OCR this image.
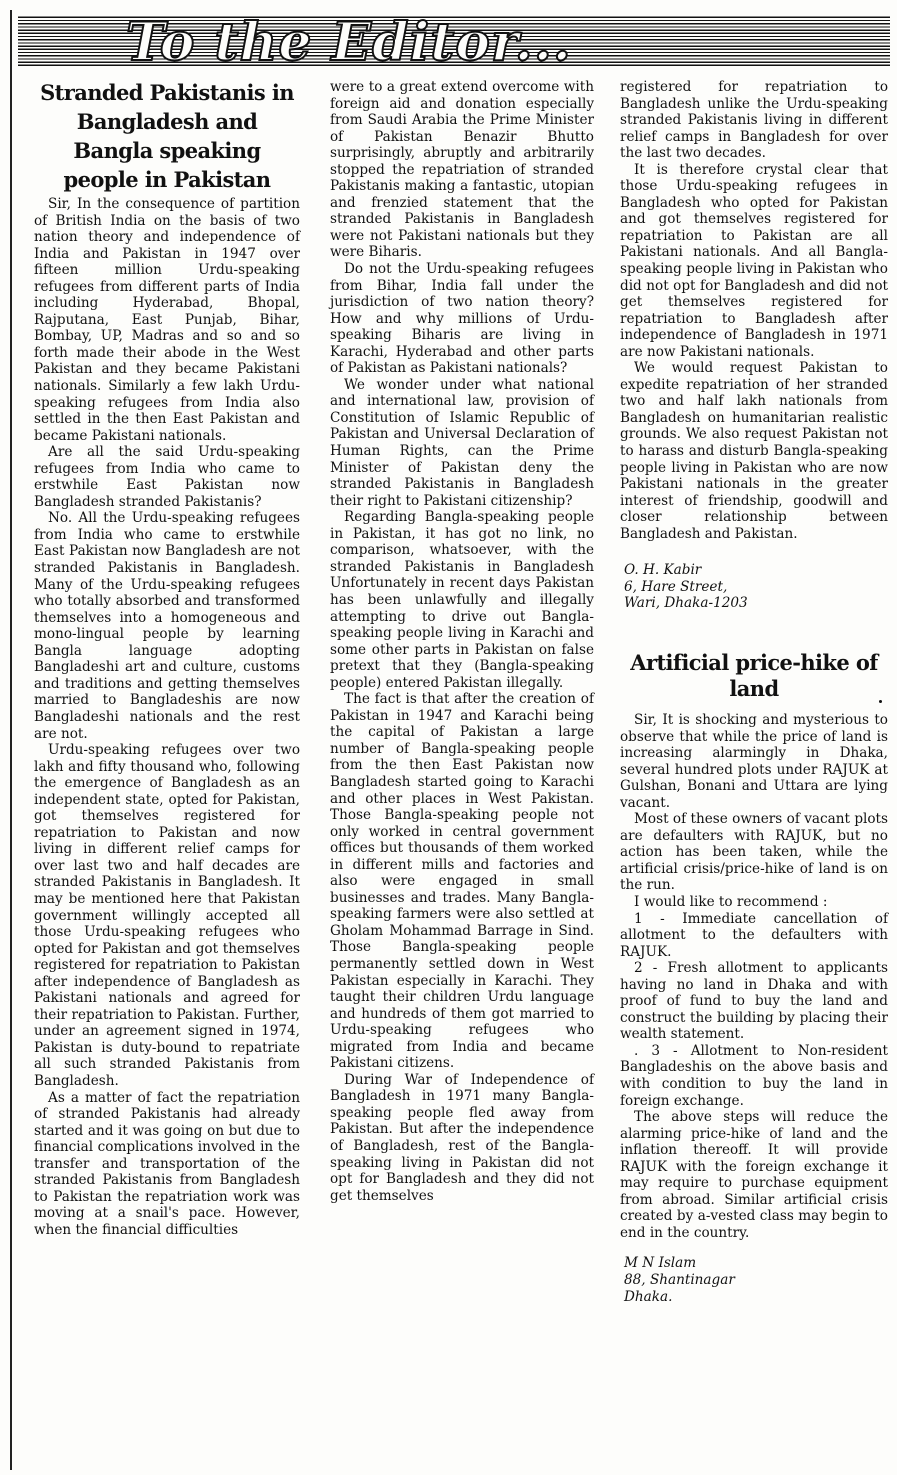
To the Editor...
Stranded Pakistanis in Bangladesh and Bangla speaking people in Pakistan

Sir, In the consequence of partition of British India on the basis of two nation theory and independence of India and Pakistan in 1947 over fifteen million Urdu-speaking refugees from different parts of India including Hyderabad, Bhopal, Rajputana, East Punjab, Bihar, Bombay, UP, Madras and so and so forth made their abode in the West Pakistan and they became Pakistani nationals. Similarly a few lakh Urdu-speaking refugees from India also settled in the then East Pakistan and became Pakistani nationals.

Are all the said Urdu-speaking refugees from India who came to erstwhile East Pakistan now Bangladesh stranded Pakistanis?

No. All the Urdu-speaking refugees from India who came to erstwhile East Pakistan now Bangladesh are not stranded Pakistanis in Bangladesh. Many of the Urdu-speaking refugees who totally absorbed and transformed themselves into a homogeneous and mono-lingual people by learning Bangla language adopting Bangladeshi art and culture, customs and traditions and getting themselves married to Bangladeshis are now Bangladeshi nationals and the rest are not.

Urdu-speaking refugees over two lakh and fifty thousand who, following the emergence of Bangladesh as an independent state, opted for Pakistan, got themselves registered for repatriation to Pakistan and now living in different relief camps for over last two and half decades are stranded Pakistanis in Bangladesh. It may be mentioned here that Pakistan government willingly accepted all those Urdu-speaking refugees who opted for Pakistan and got themselves registered for repatriation to Pakistan after independence of Bangladesh as Pakistani nationals and agreed for their repatriation to Pakistan. Further, under an agreement signed in 1974, Pakistan is duty-bound to repatriate all such stranded Pakistanis from Bangladesh.

As a matter of fact the repatriation of stranded Pakistanis had already started and it was going on but due to financial complications involved in the transfer and transportation of the stranded Pakistanis from Bangladesh to Pakistan the repatriation work was moving at a snail's pace. However, when the financial difficulties

were to a great extend overcome with foreign aid and donation especially from Saudi Arabia the Prime Minister of Pakistan Benazir Bhutto surprisingly, abruptly and arbitrarily stopped the repatriation of stranded Pakistanis making a fantastic, utopian and frenzied statement that the stranded Pakistanis in Bangladesh were not Pakistani nationals but they were Biharis.

Do not the Urdu-speaking refugees from Bihar, India fall under the jurisdiction of two nation theory? How and why millions of Urdu-speaking Biharis are living in Karachi, Hyderabad and other parts of Pakistan as Pakistani nationals?

We wonder under what national and international law, provision of Constitution of Islamic Republic of Pakistan and Universal Declaration of Human Rights, can the Prime Minister of Pakistan deny the stranded Pakistanis in Bangladesh their right to Pakistani citizenship?

Regarding Bangla-speaking people in Pakistan, it has got no link, no comparison, whatsoever, with the stranded Pakistanis in Bangladesh Unfortunately in recent days Pakistan has been unlawfully and illegally attempting to drive out Bangla-speaking people living in Karachi and some other parts in Pakistan on false pretext that they (Bangla-speaking people) entered Pakistan illegally.

The fact is that after the creation of Pakistan in 1947 and Karachi being the capital of Pakistan a large number of Bangla-speaking people from the then East Pakistan now Bangladesh started going to Karachi and other places in West Pakistan. Those Bangla-speaking people not only worked in central government offices but thousands of them worked in different mills and factories and also were engaged in small businesses and trades. Many Bangla-speaking farmers were also settled at Gholam Mohammad Barrage in Sind. Those Bangla-speaking people permanently settled down in West Pakistan especially in Karachi. They taught their children Urdu language and hundreds of them got married to Urdu-speaking refugees who migrated from India and became Pakistani citizens.

During War of Independence of Bangladesh in 1971 many Bangla-speaking people fled away from Pakistan. But after the independence of Bangladesh, rest of the Bangla-speaking living in Pakistan did not opt for Bangladesh and they did not get themselves

registered for repatriation to Bangladesh unlike the Urdu-speaking stranded Pakistanis living in different relief camps in Bangladesh for over the last two decades.

It is therefore crystal clear that those Urdu-speaking refugees in Bangladesh who opted for Pakistan and got themselves registered for repatriation to Pakistan are all Pakistani nationals. And all Bangla-speaking people living in Pakistan who did not opt for Bangladesh and did not get themselves registered for repatriation to Bangladesh after independence of Bangladesh in 1971 are now Pakistani nationals.

We would request Pakistan to expedite repatriation of her stranded two and half lakh nationals from Bangladesh on humanitarian realistic grounds. We also request Pakistan not to harass and disturb Bangla-speaking people living in Pakistan who are now Pakistani nationals in the greater interest of friendship, goodwill and closer relationship between Bangladesh and Pakistan.

O. H. Kabir

6, Hare Street,

Wari, Dhaka-1203

Artificial price-hike of land

Sir, It is shocking and mysterious to observe that while the price of land is increasing alarmingly in Dhaka, several hundred plots under RAJUK at Gulshan, Bonani and Uttara are lying vacant.

Most of these owners of vacant plots are defaulters with RAJUK, but no action has been taken, while the artificial crisis/price-hike of land is on the run.

I would like to recommend :

1 - Immediate cancellation of allotment to the defaulters with RAJUK.

2 - Fresh allotment to applicants having no land in Dhaka and with proof of fund to buy the land and construct the building by placing their wealth statement.

. 3 - Allotment to Non-resident Bangladeshis on the above basis and with condition to buy the land in foreign exchange.

The above steps will reduce the alarming price-hike of land and the inflation thereoff. It will provide RAJUK with the foreign exchange it may require to purchase equipment from abroad. Similar artificial crisis created by a-vested class may begin to end in the country.

M N Islam

88, Shantinagar

Dhaka.
